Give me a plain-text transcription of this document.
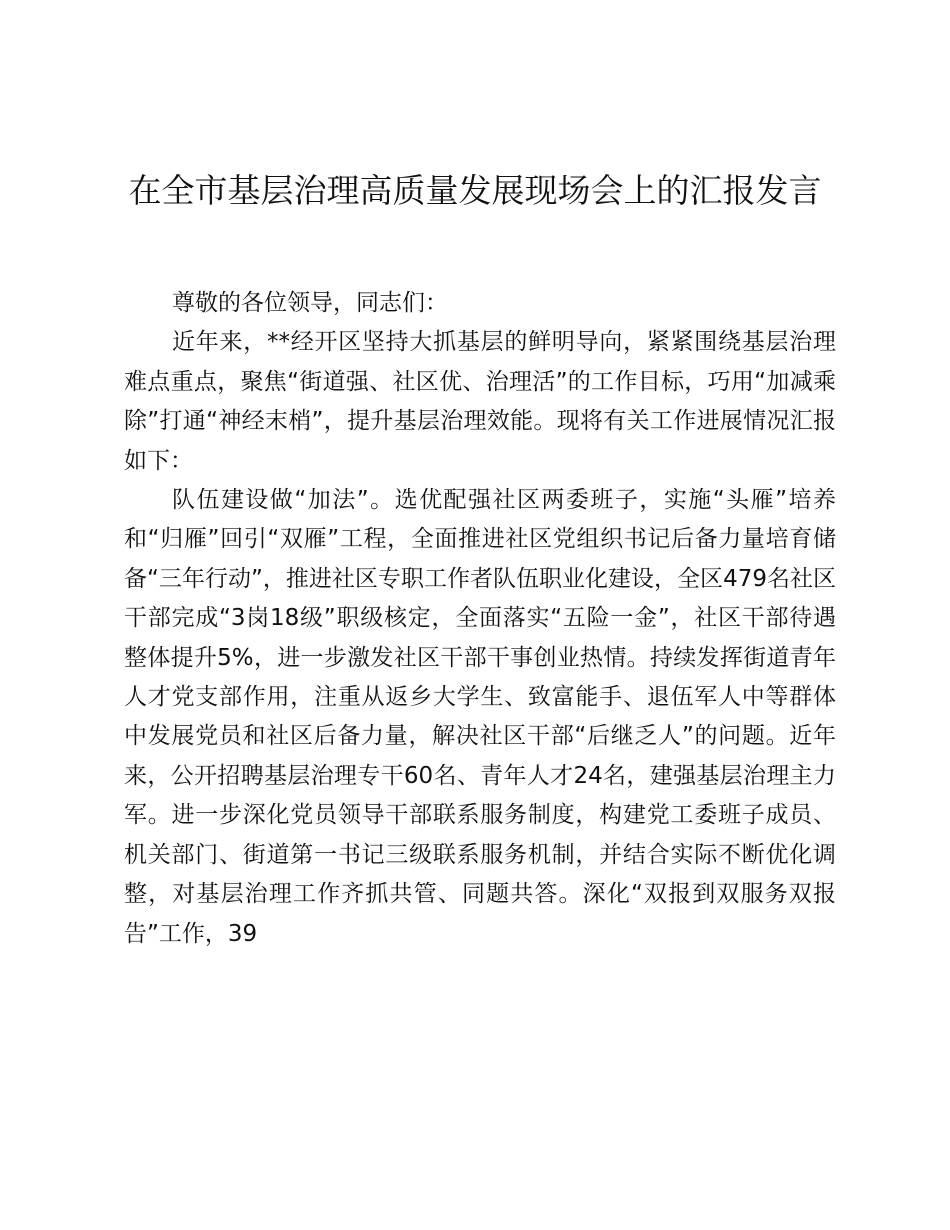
在全市基层治理高质量发展现场会上的汇报发言

尊敬的各位领导，同志们：

近年来，**经开区坚持大抓基层的鲜明导向，紧紧围绕基层治理难点重点，聚焦“街道强、社区优、治理活”的工作目标，巧用“加减乘除”打通“神经末梢”，提升基层治理效能。现将有关工作进展情况汇报如下：

队伍建设做“加法”。选优配强社区两委班子，实施“头雁”培养和“归雁”回引“双雁”工程，全面推进社区党组织书记后备力量培育储备“三年行动”，推进社区专职工作者队伍职业化建设，全区479名社区干部完成“3岗18级”职级核定，全面落实“五险一金”，社区干部待遇整体提升5%，进一步激发社区干部干事创业热情。持续发挥街道青年人才党支部作用，注重从返乡大学生、致富能手、退伍军人中等群体中发展党员和社区后备力量，解决社区干部“后继乏人”的问题。近年来，公开招聘基层治理专干60名、青年人才24名，建强基层治理主力军。进一步深化党员领导干部联系服务制度，构建党工委班子成员、机关部门、街道第一书记三级联系服务机制，并结合实际不断优化调整，对基层治理工作齐抓共管、同题共答。深化“双报到双服务双报告”工作，39
